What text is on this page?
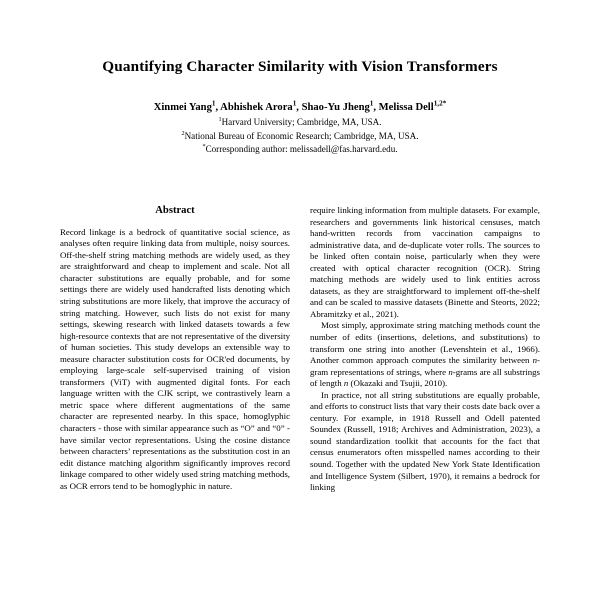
Quantifying Character Similarity with Vision Transformers
Xinmei Yang$^1$, Abhishek Arora$^1$, Shao-Yu Jheng$^1$, Melissa Dell$^{1,2*}$
$^1$Harvard University; Cambridge, MA, USA.
$^2$National Bureau of Economic Research; Cambridge, MA, USA.
*Corresponding author: melissadell@fas.harvard.edu.
Abstract

Record linkage is a bedrock of quantitative social science, as analyses often require linking data from multiple, noisy sources. Off-the-shelf string matching methods are widely used, as they are straightforward and cheap to implement and scale. Not all character substitutions are equally probable, and for some settings there are widely used handcrafted lists denoting which string substitutions are more likely, that improve the accuracy of string matching. However, such lists do not exist for many settings, skewing research with linked datasets towards a few high-resource contexts that are not representative of the diversity of human societies. This study develops an extensible way to measure character substitution costs for OCR'ed documents, by employing large-scale self-supervised training of vision transformers (ViT) with augmented digital fonts. For each language written with the CJK script, we contrastively learn a metric space where different augmentations of the same character are represented nearby. In this space, homoglyphic characters - those with similar appearance such as “O” and “0” - have similar vector representations. Using the cosine distance between characters’ representations as the substitution cost in an edit distance matching algorithm significantly improves record linkage compared to other widely used string matching methods, as OCR errors tend to be homoglyphic in nature.

require linking information from multiple datasets. For example, researchers and governments link historical censuses, match hand-written records from vaccination campaigns to administrative data, and de-duplicate voter rolls. The sources to be linked often contain noise, particularly when they were created with optical character recognition (OCR). String matching methods are widely used to link entities across datasets, as they are straightforward to implement off-the-shelf and can be scaled to massive datasets (Binette and Steorts, 2022; Abramitzky et al., 2021).

Most simply, approximate string matching methods count the number of edits (insertions, deletions, and substitutions) to transform one string into another (Levenshtein et al., 1966). Another common approach computes the similarity between n-gram representations of strings, where n-grams are all substrings of length n (Okazaki and Tsujii, 2010).

In practice, not all string substitutions are equally probable, and efforts to construct lists that vary their costs date back over a century. For example, in 1918 Russell and Odell patented Soundex (Russell, 1918; Archives and Administration, 2023), a sound standardization toolkit that accounts for the fact that census enumerators often misspelled names according to their sound. Together with the updated New York State Identification and Intelligence System (Silbert, 1970), it remains a bedrock for linking
